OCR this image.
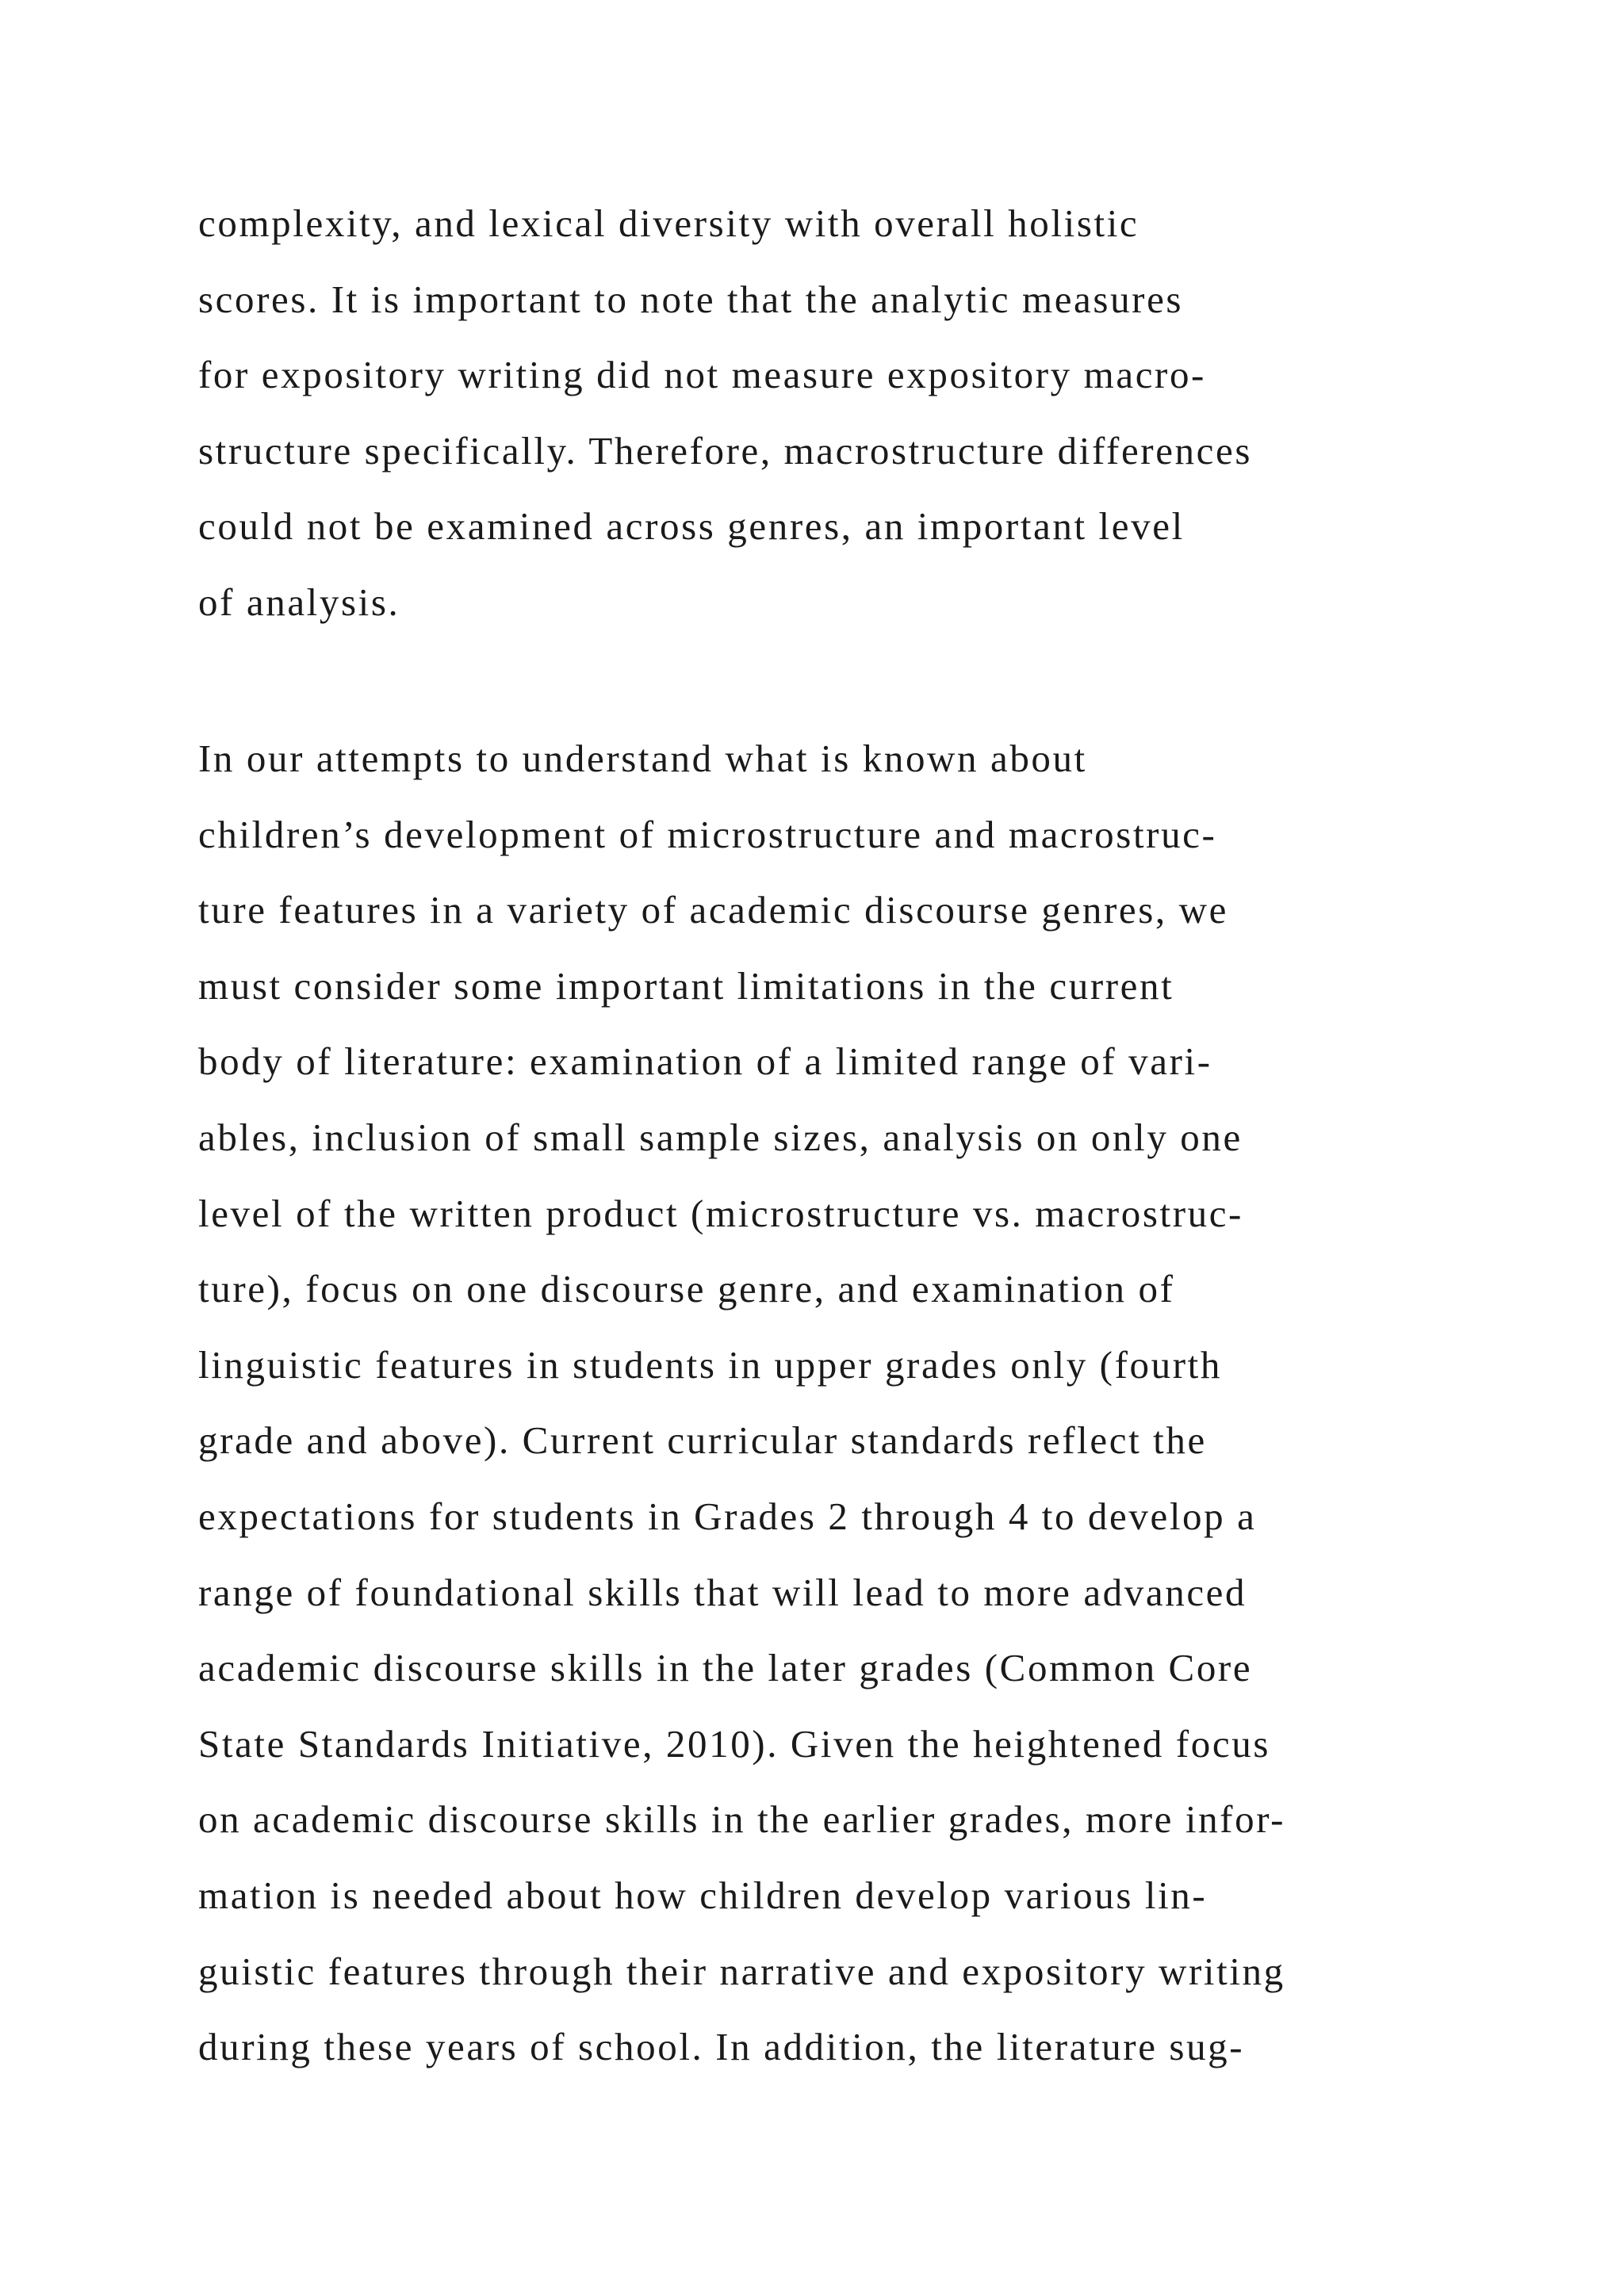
complexity, and lexical diversity with overall holistic
scores. It is important to note that the analytic measures
for expository writing did not measure expository macro-
structure specifically. Therefore, macrostructure differences
could not be examined across genres, an important level
of analysis.
In our attempts to understand what is known about
children’s development of microstructure and macrostruc-
ture features in a variety of academic discourse genres, we
must consider some important limitations in the current
body of literature: examination of a limited range of vari-
ables, inclusion of small sample sizes, analysis on only one
level of the written product (microstructure vs. macrostruc-
ture), focus on one discourse genre, and examination of
linguistic features in students in upper grades only (fourth
grade and above). Current curricular standards reflect the
expectations for students in Grades 2 through 4 to develop a
range of foundational skills that will lead to more advanced
academic discourse skills in the later grades (Common Core
State Standards Initiative, 2010). Given the heightened focus
on academic discourse skills in the earlier grades, more infor-
mation is needed about how children develop various lin-
guistic features through their narrative and expository writing
during these years of school. In addition, the literature sug-
